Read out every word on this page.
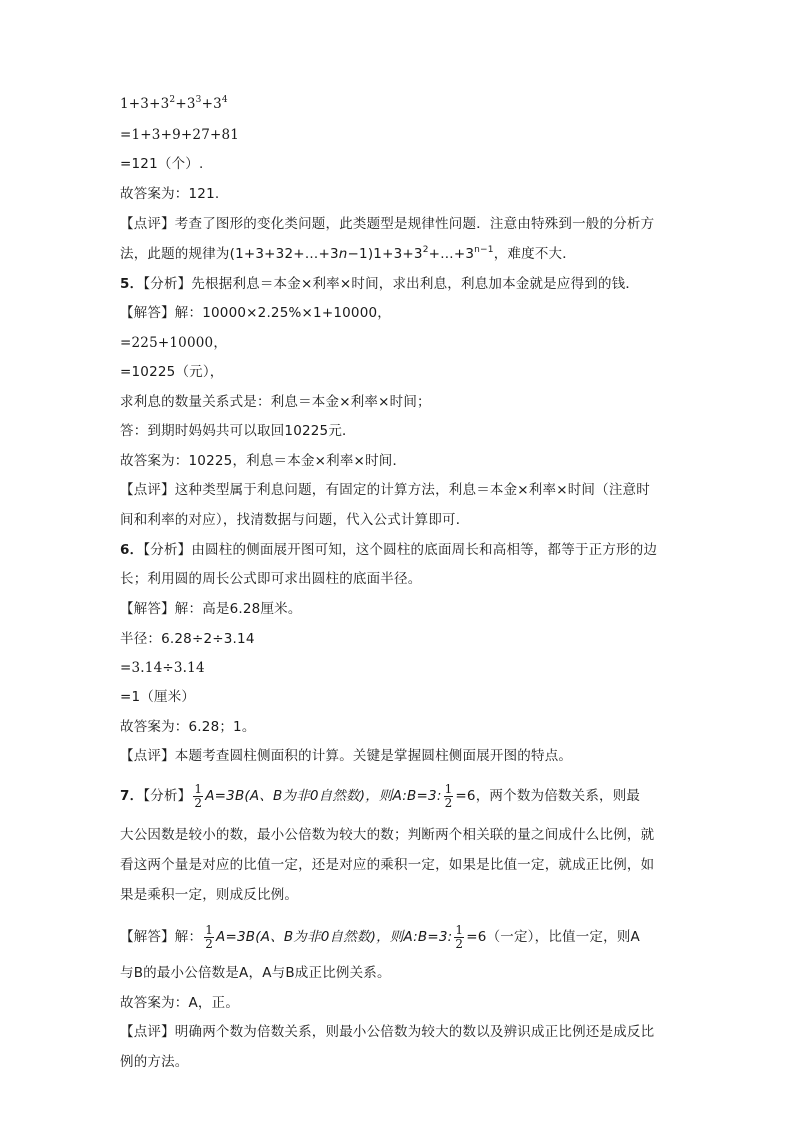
$1+3+3^2+3^3+3^4$
=1+3+9+27+81
=121（个）.
故答案为：121.
【点评】考查了图形的变化类问题，此类题型是规律性问题．注意由特殊到一般的分析方
法，此题的规律为$(1+3+32+\dots+3n-1)1+3+3^2+\dots+3^{n-1}$，难度不大．
5．【分析】先根据利息＝本金×利率×时间，求出利息，利息加本金就是应得到的钱．
【解答】解：10000×2.25%×1+10000，
=225+10000，
=10225（元），
求利息的数量关系式是：利息＝本金×利率×时间；
答：到期时妈妈共可以取回10225元．
故答案为：10225，利息＝本金×利率×时间．
【点评】这种类型属于利息问题，有固定的计算方法，利息＝本金×利率×时间（注意时
间和利率的对应），找清数据与问题，代入公式计算即可．
6．【分析】由圆柱的侧面展开图可知，这个圆柱的底面周长和高相等，都等于正方形的边
长；利用圆的周长公式即可求出圆柱的底面半径。
【解答】解：高是6.28厘米。
半径：6.28÷2÷3.14
=3.14÷3.14
=1（厘米）
故答案为：6.28；1。
【点评】本题考查圆柱侧面积的计算。关键是掌握圆柱侧面展开图的特点。
7．【分析】 $\frac{1}{2} A=3B(A$、B为非0自然数)，则A:B=3: $\frac{1}{2} =6$，两个数为倍数关系，则最
大公因数是较小的数，最小公倍数为较大的数；判断两个相关联的量之间成什么比例，就
看这两个量是对应的比值一定，还是对应的乘积一定，如果是比值一定，就成正比例，如
果是乘积一定，则成反比例。
【解答】解： $\frac{1}{2} A=3B(A$、B为非0自然数)，则A:B=3: $\frac{1}{2} =6$（一定），比值一定，则A
与B的最小公倍数是A，A与B成正比例关系。
故答案为：A，正。
【点评】明确两个数为倍数关系，则最小公倍数为较大的数以及辨识成正比例还是成反比
例的方法。
